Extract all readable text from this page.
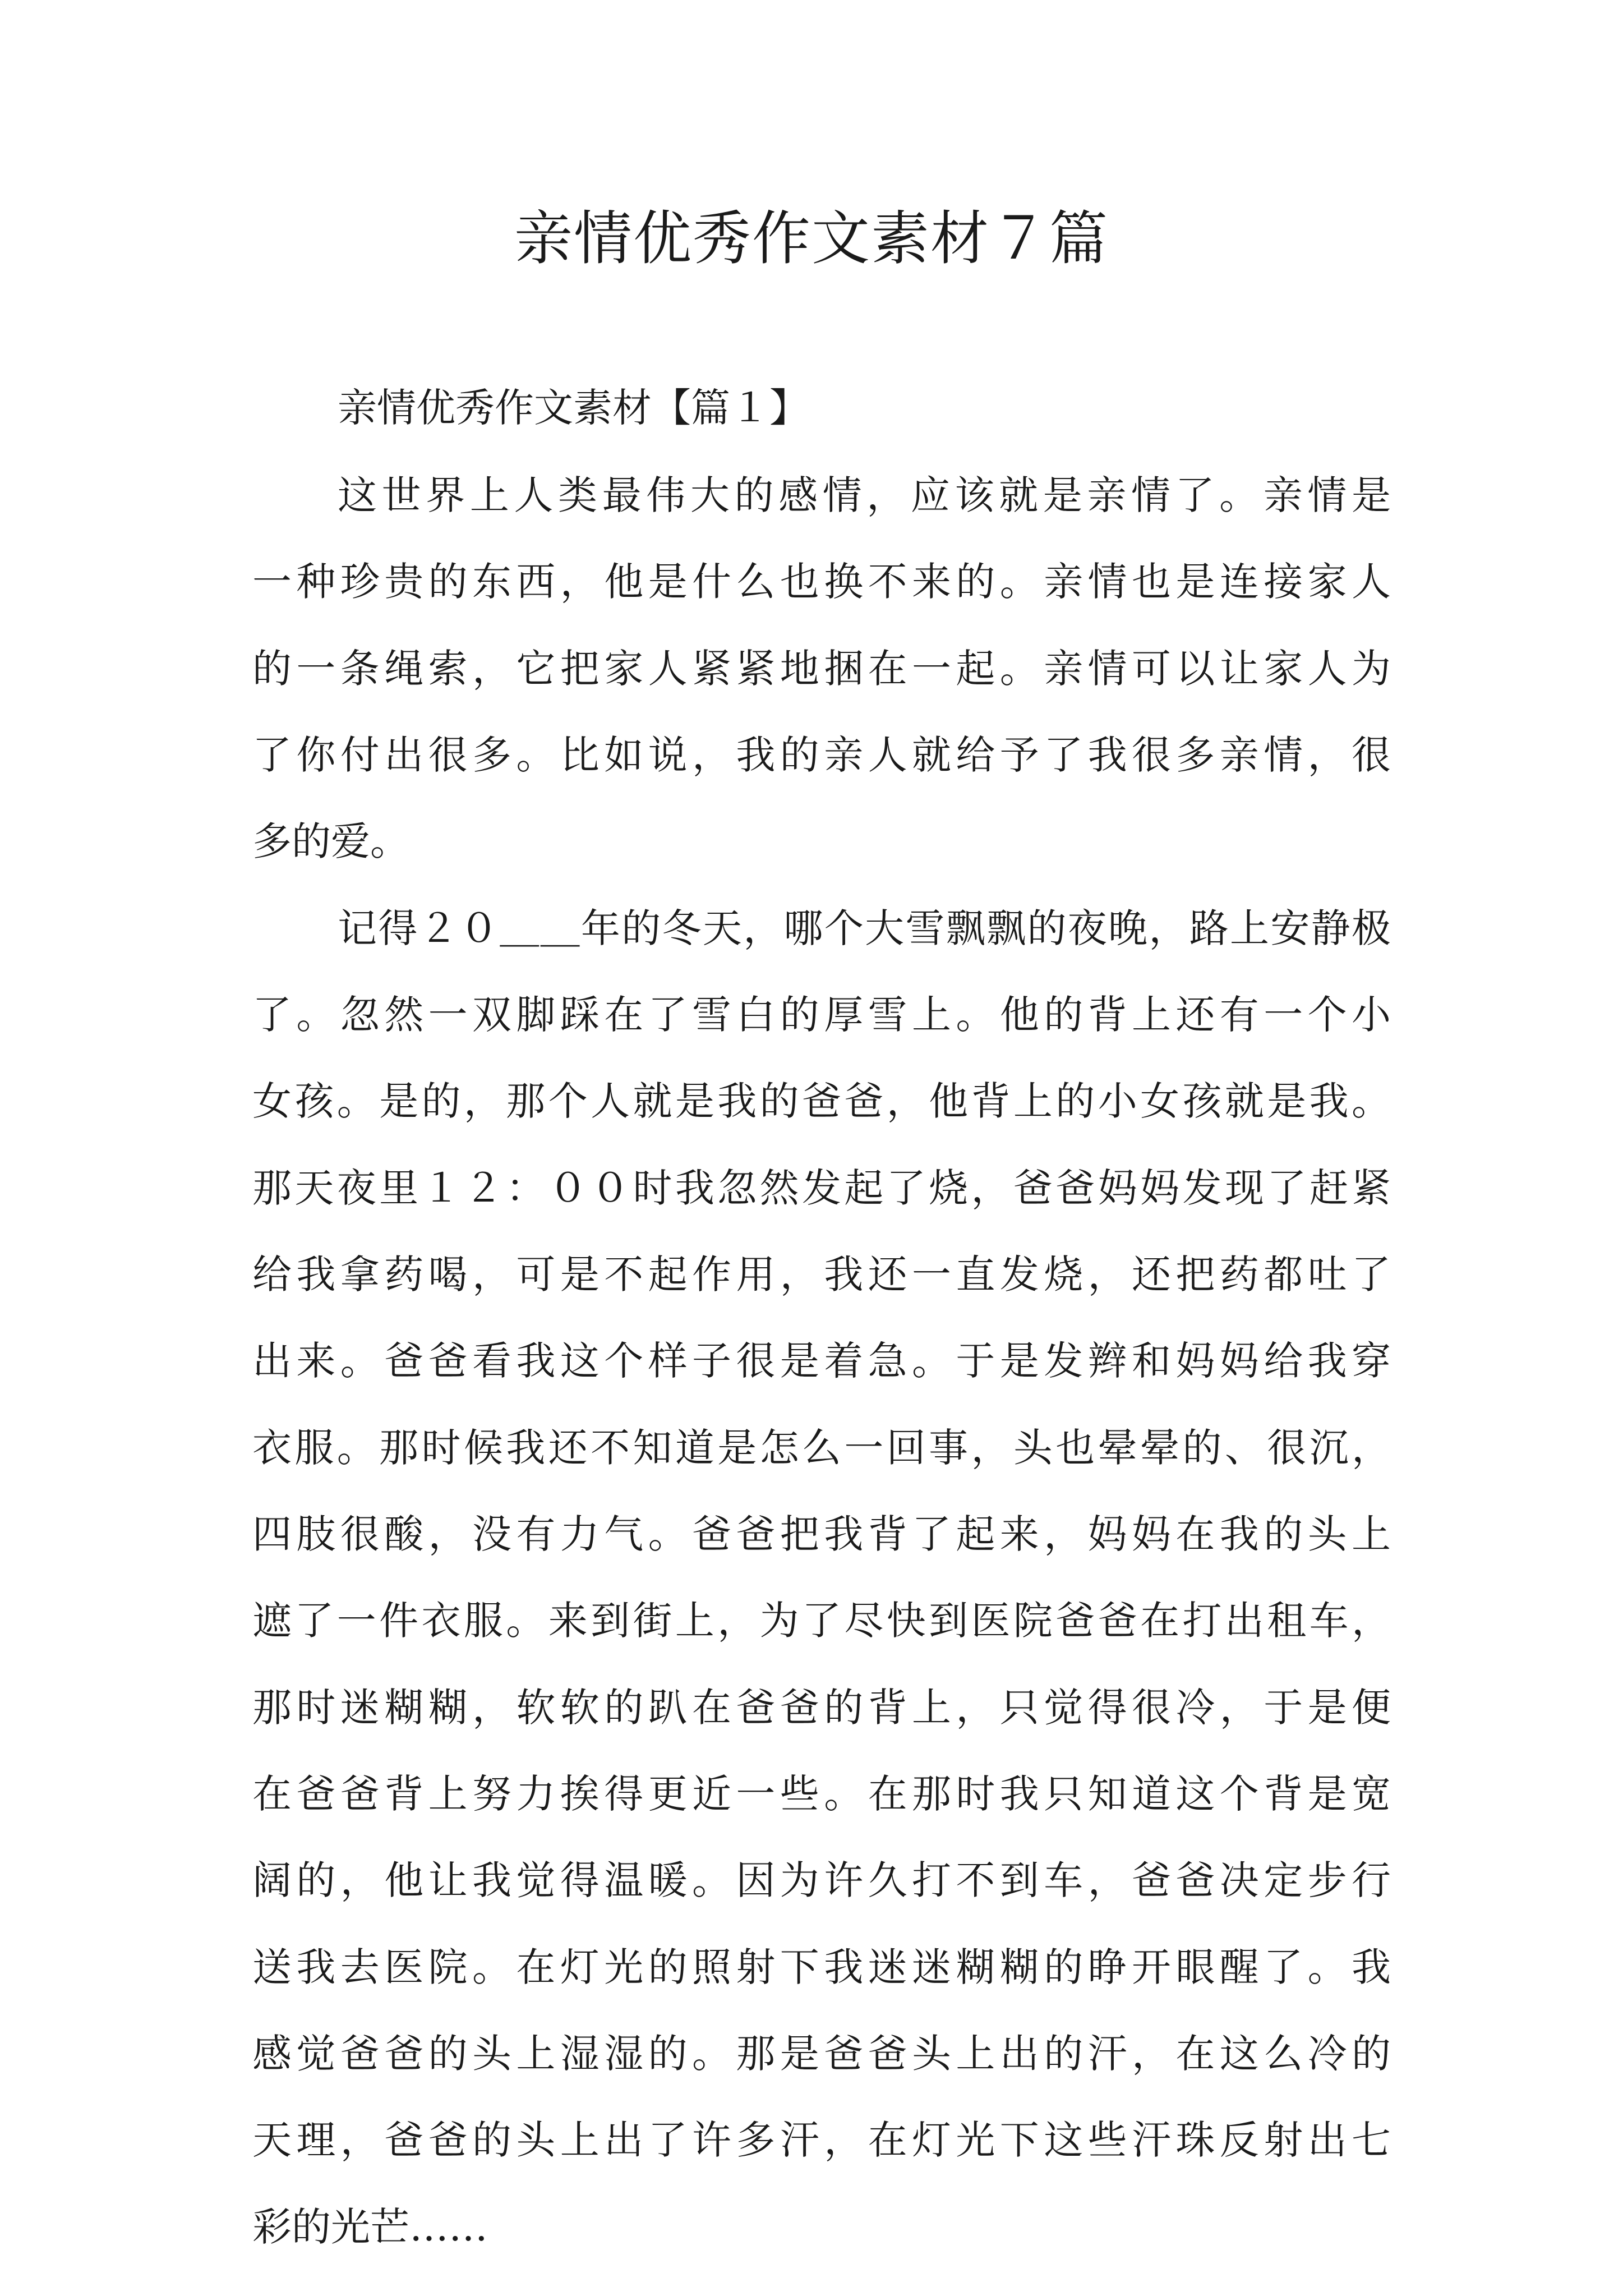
亲情优秀作文素材７篇

亲情优秀作文素材【篇１】

这世界上人类最伟大的感情，应该就是亲情了。亲情是

一种珍贵的东西，他是什么也换不来的。亲情也是连接家人

的一条绳索，它把家人紧紧地捆在一起。亲情可以让家人为

了你付出很多。比如说，我的亲人就给予了我很多亲情，很

多的爱。

记得２０＿＿年的冬天，哪个大雪飘飘的夜晚，路上安静极

了。忽然一双脚踩在了雪白的厚雪上。他的背上还有一个小

女孩。是的，那个人就是我的爸爸，他背上的小女孩就是我。

那天夜里１２：００时我忽然发起了烧，爸爸妈妈发现了赶紧

给我拿药喝，可是不起作用，我还一直发烧，还把药都吐了

出来。爸爸看我这个样子很是着急。于是发辫和妈妈给我穿

衣服。那时候我还不知道是怎么一回事，头也晕晕的、很沉，

四肢很酸，没有力气。爸爸把我背了起来，妈妈在我的头上

遮了一件衣服。来到街上，为了尽快到医院爸爸在打出租车，

那时迷糊糊，软软的趴在爸爸的背上，只觉得很冷，于是便

在爸爸背上努力挨得更近一些。在那时我只知道这个背是宽

阔的，他让我觉得温暖。因为许久打不到车，爸爸决定步行

送我去医院。在灯光的照射下我迷迷糊糊的睁开眼醒了。我

感觉爸爸的头上湿湿的。那是爸爸头上出的汗，在这么冷的

天理，爸爸的头上出了许多汗，在灯光下这些汗珠反射出七

彩的光芒……
